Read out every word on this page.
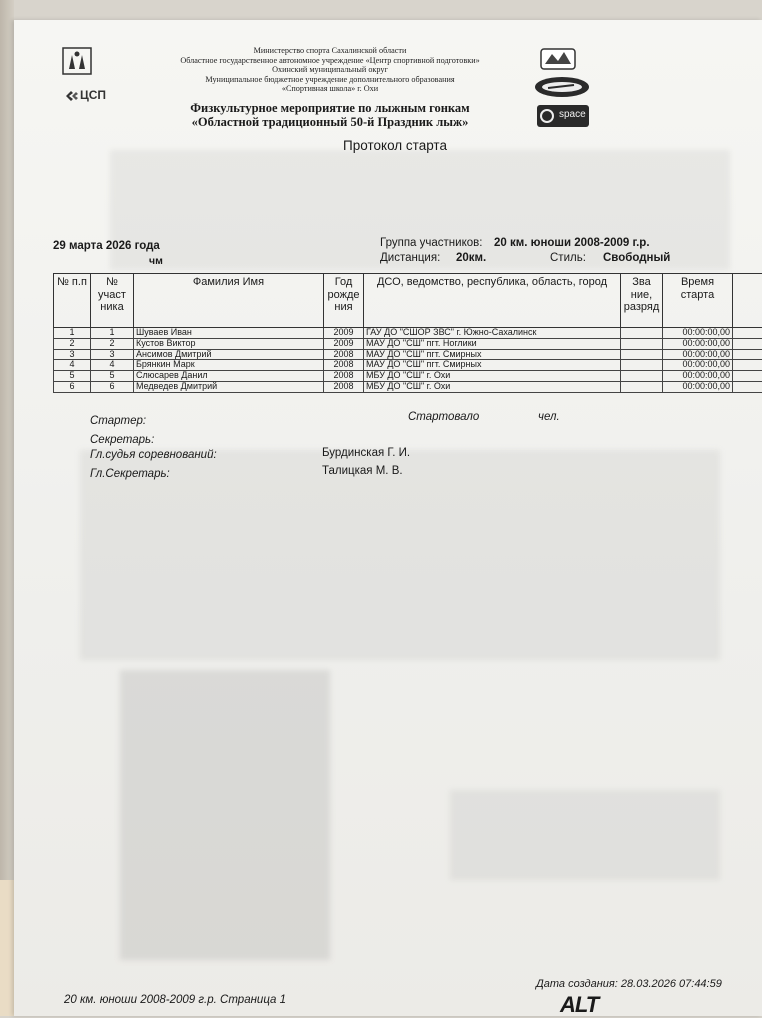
ЦСП
Министерство спорта Сахалинской области
Областное государственное автономное учреждение «Центр спортивной подготовки»
Охинский муниципальный округ
Муниципальное бюджетное учреждение дополнительного образования
«Спортивная школа» г. Охи
space
Физкультурное мероприятие по лыжным гонкам
«Областной традиционный 50-й Праздник лыж»
Протокол старта
29 марта 2026 года
чм
Группа участников: 20 км. юноши 2008-2009 г.р.
Дистанция: 20км.	Стиль: Свободный
№ п.п	№ участ ника	Фамилия Имя	Год рожде ния	ДСО, ведомство, республика, область, город	Зва ние, разряд	Время старта	
1	1	Шуваев Иван	2009	ГАУ ДО "СШОР ЗВС" г. Южно-Сахалинск		00:00:00,00	
2	2	Кустов Виктор	2009	МАУ ДО "СШ" пгт. Ноглики		00:00:00,00	
3	3	Ансимов Дмитрий	2008	МАУ ДО "СШ" пгт. Смирных		00:00:00,00	
4	4	Брянкин Марк	2008	МАУ ДО "СШ" пгт. Смирных		00:00:00,00	
5	5	Слюсарев Данил	2008	МБУ ДО "СШ" г. Охи		00:00:00,00	
6	6	Медведев Дмитрий	2008	МБУ ДО "СШ" г. Охи		00:00:00,00	
Стартер:	Стартовало	чел.
Секретарь:
Гл.судья соревнований:	Бурдинская Г. И.
Гл.Секретарь:	Талицкая М. В.
20 км. юноши 2008-2009 г.р. Страница 1
Дата создания: 28.03.2026 07:44:59
ALT
